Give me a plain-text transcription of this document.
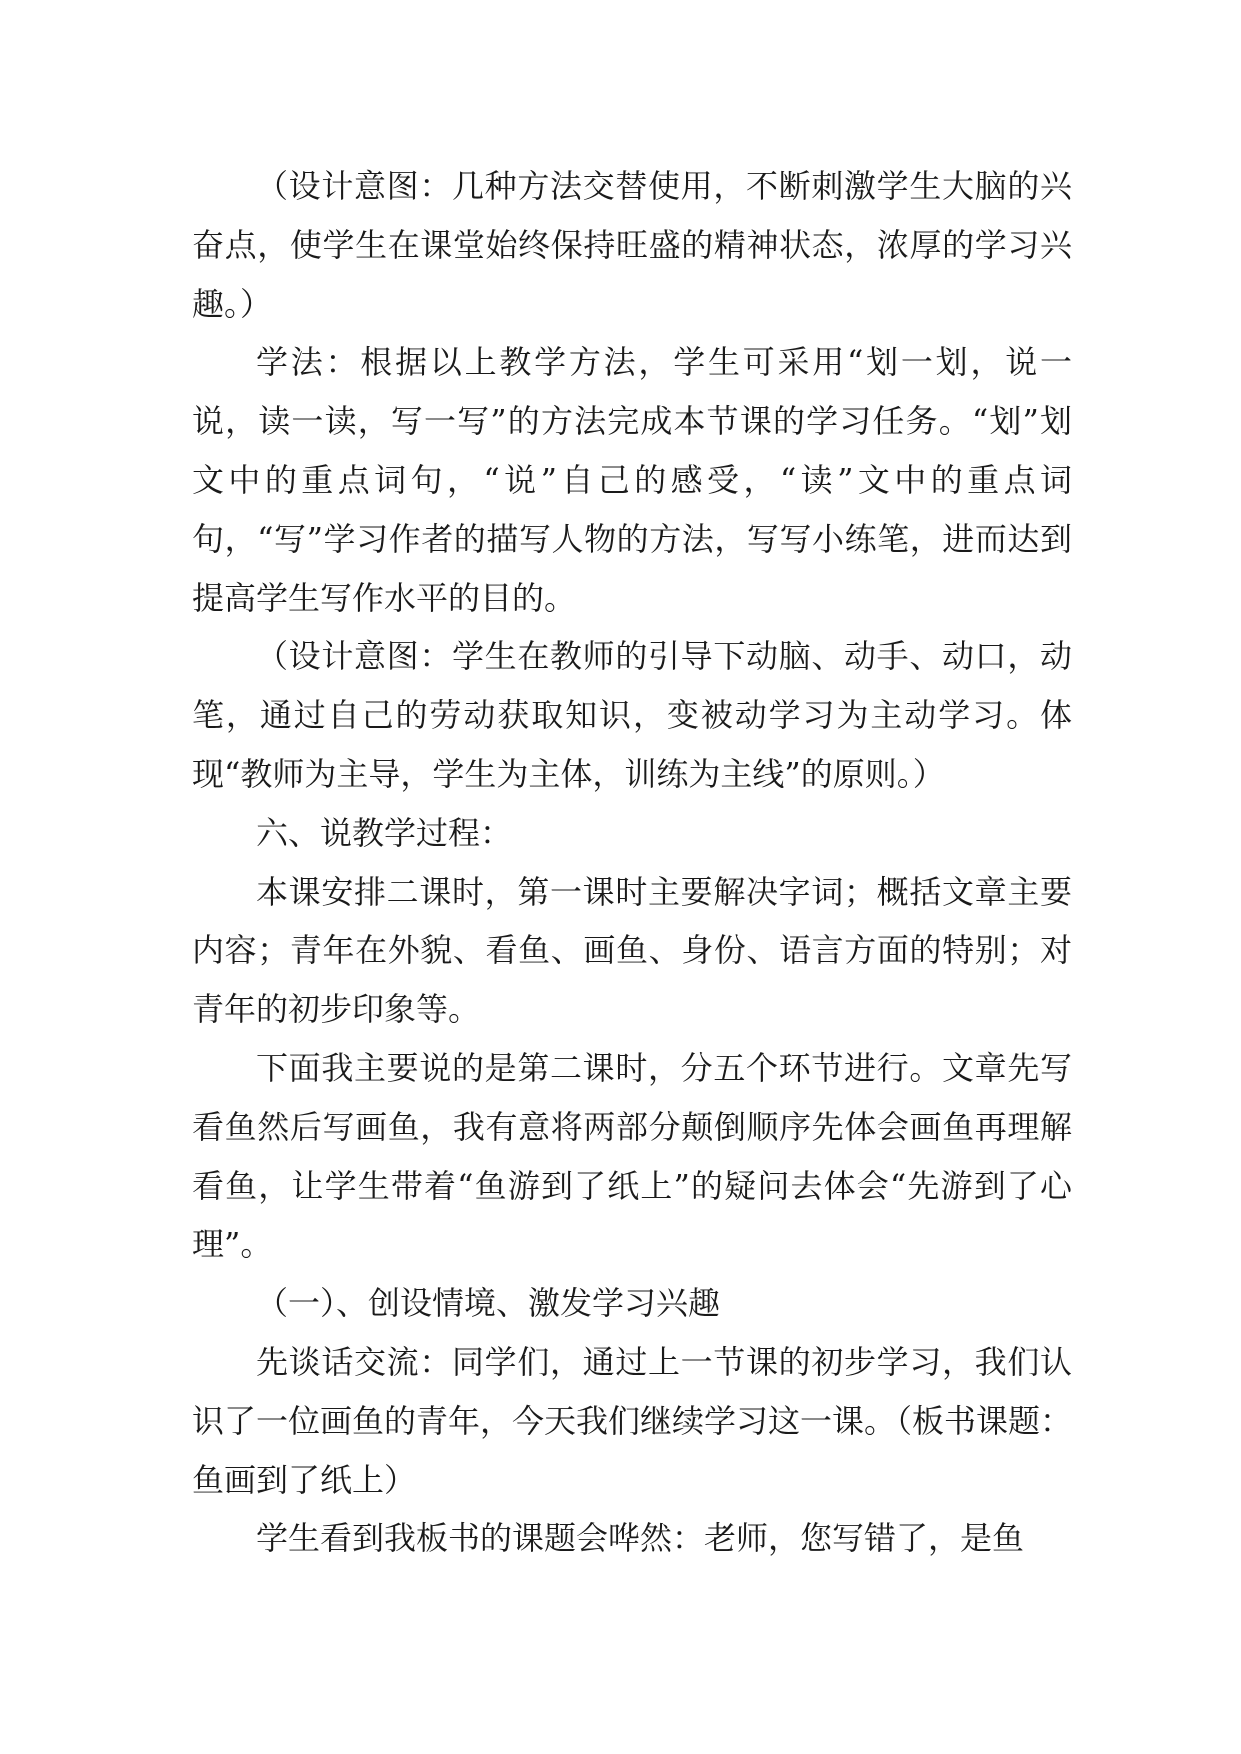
（设计意图：几种方法交替使用，不断刺激学生大脑的兴奋点，使学生在课堂始终保持旺盛的精神状态，浓厚的学习兴趣。）

学法：根据以上教学方法，学生可采用“划一划，说一说，读一读，写一写”的方法完成本节课的学习任务。“划”划文中的重点词句，“说”自己的感受，“读”文中的重点词句，“写”学习作者的描写人物的方法，写写小练笔，进而达到提高学生写作水平的目的。

（设计意图：学生在教师的引导下动脑、动手、动口，动笔，通过自己的劳动获取知识，变被动学习为主动学习。体现“教师为主导，学生为主体，训练为主线”的原则。）

六、说教学过程：

本课安排二课时，第一课时主要解决字词；概括文章主要内容；青年在外貌、看鱼、画鱼、身份、语言方面的特别；对青年的初步印象等。

下面我主要说的是第二课时，分五个环节进行。文章先写看鱼然后写画鱼，我有意将两部分颠倒顺序先体会画鱼再理解看鱼，让学生带着“鱼游到了纸上”的疑问去体会“先游到了心理”。

（一）、创设情境、激发学习兴趣

先谈话交流：同学们，通过上一节课的初步学习，我们认识了一位画鱼的青年，今天我们继续学习这一课。（板书课题：鱼画到了纸上）

学生看到我板书的课题会哗然：老师，您写错了，是鱼
